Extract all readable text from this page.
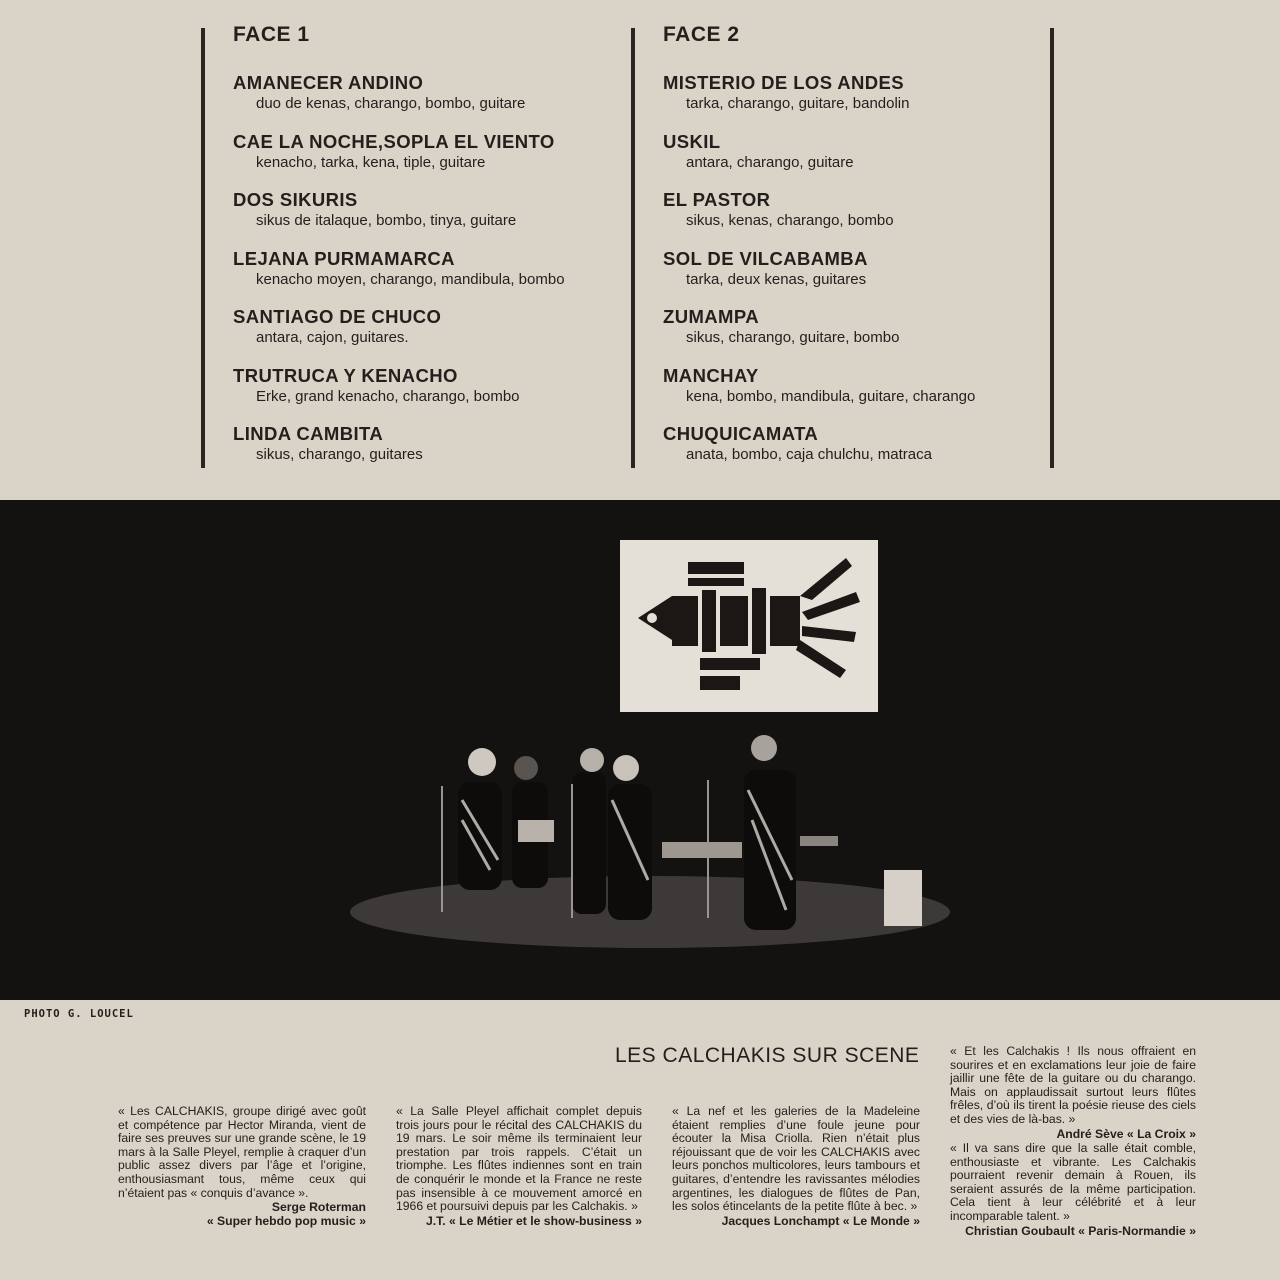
FACE 1
AMANECER ANDINO
duo de kenas, charango, bombo, guitare
CAE LA NOCHE,SOPLA EL VIENTO
kenacho, tarka, kena, tiple, guitare
DOS SIKURIS
sikus de italaque, bombo, tinya, guitare
LEJANA PURMAMARCA
kenacho moyen, charango, mandibula, bombo
SANTIAGO DE CHUCO
antara, cajon, guitares.
TRUTRUCA Y KENACHO
Erke, grand kenacho, charango, bombo
LINDA CAMBITA
sikus, charango, guitares
FACE 2
MISTERIO DE LOS ANDES
tarka, charango, guitare, bandolin
USKIL
antara, charango, guitare
EL PASTOR
sikus, kenas, charango, bombo
SOL DE VILCABAMBA
tarka, deux kenas, guitares
ZUMAMPA
sikus, charango, guitare, bombo
MANCHAY
kena, bombo, mandibula, guitare, charango
CHUQUICAMATA
anata, bombo, caja chulchu, matraca
PHOTO G. LOUCEL
LES CALCHAKIS SUR SCENE
« Les CALCHAKIS, groupe dirigé avec goût et compétence par Hector Miranda, vient de faire ses preuves sur une grande scène, le 19 mars à la Salle Pleyel, remplie à craquer d’un public assez divers par l’âge et l’origine, enthousiasmant tous, même ceux qui n’étaient pas « conquis d’avance ».
Serge Roterman
« Super hebdo pop music »
« La Salle Pleyel affichait complet depuis trois jours pour le récital des CALCHAKIS du 19 mars. Le soir même ils terminaient leur prestation par trois rappels. C’était un triomphe. Les flûtes indiennes sont en train de conquérir le monde et la France ne reste pas insensible à ce mouvement amorcé en 1966 et poursuivi depuis par les Calchakis. »
J.T. « Le Métier et le show-business »
« La nef et les galeries de la Madeleine étaient remplies d’une foule jeune pour écouter la Misa Criolla. Rien n’était plus réjouissant que de voir les CALCHAKIS avec leurs ponchos multicolores, leurs tambours et guitares, d’entendre les ravissantes mélodies argentines, les dialogues de flûtes de Pan, les solos étincelants de la petite flûte à bec. »
Jacques Lonchampt « Le Monde »
« Et les Calchakis ! Ils nous offraient en sourires et en exclamations leur joie de faire jaillir une fête de la guitare ou du charango. Mais on applaudissait surtout leurs flûtes frêles, d’où ils tirent la poésie rieuse des ciels et des vies de là-bas. »
André Sève « La Croix »
« Il va sans dire que la salle était comble, enthousiaste et vibrante. Les Calchakis pourraient revenir demain à Rouen, ils seraient assurés de la même participation. Cela tient à leur célébrité et à leur incomparable talent. »
Christian Goubault « Paris-Normandie »
